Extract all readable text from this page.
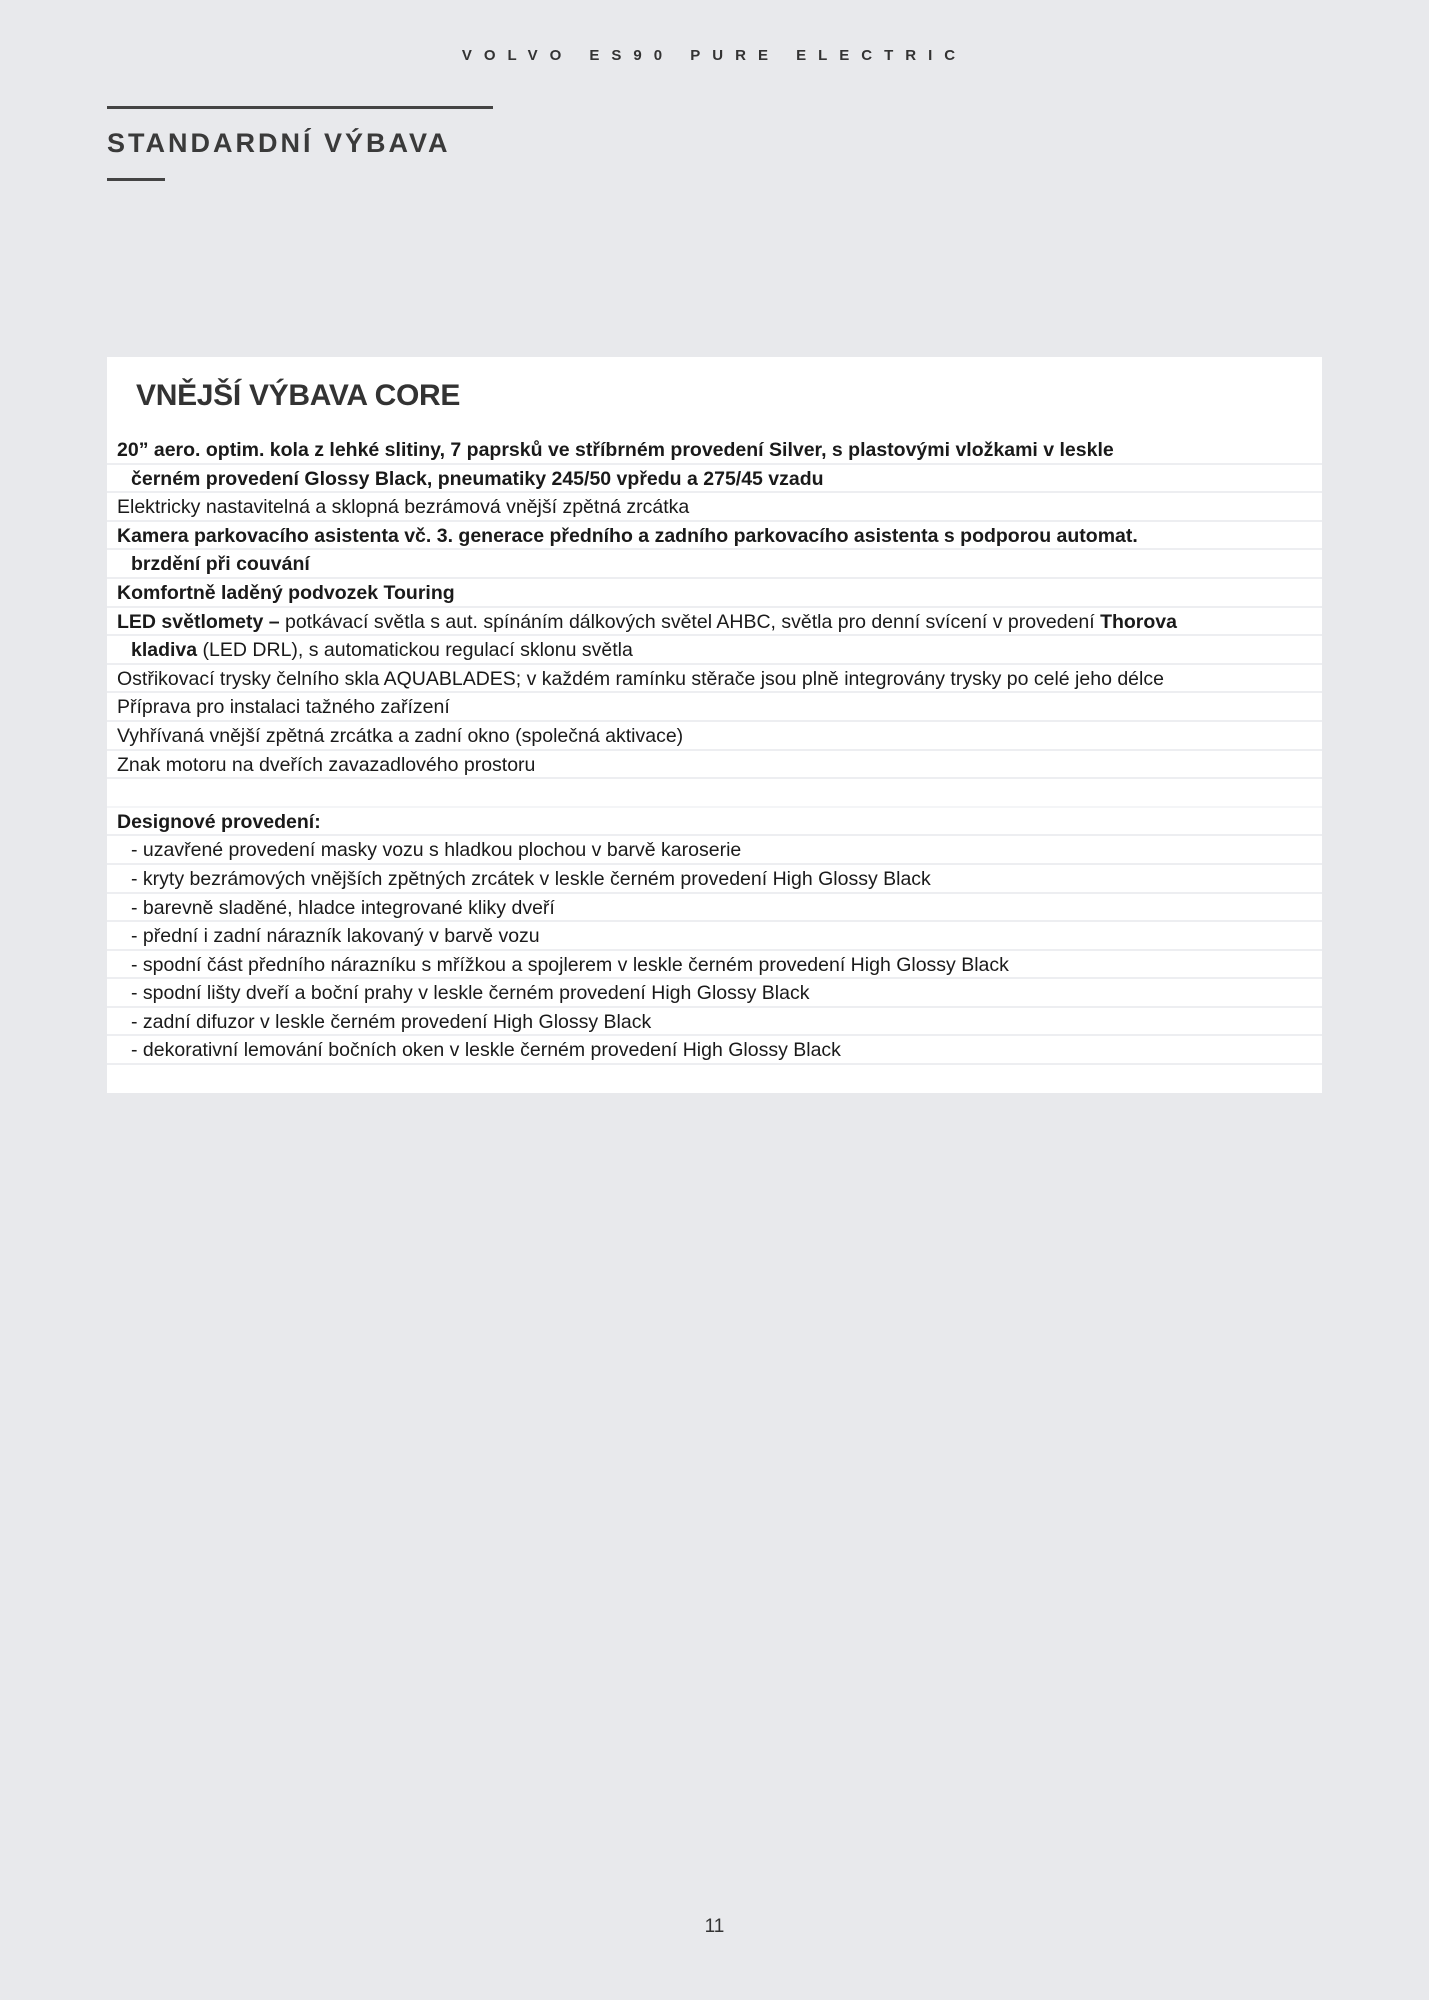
VOLVO ES90 PURE ELECTRIC
STANDARDNÍ VÝBAVA
VNĚJŠÍ VÝBAVA CORE
20” aero. optim. kola z lehké slitiny, 7 paprsků ve stříbrném provedení Silver, s plastovými vložkami v leskle
černém provedení Glossy Black, pneumatiky 245/50 vpředu a 275/45 vzadu
Elektricky nastavitelná a sklopná bezrámová vnější zpětná zrcátka
Kamera parkovacího asistenta vč. 3. generace předního a zadního parkovacího asistenta s podporou automat.
brzdění při couvání
Komfortně laděný podvozek Touring
LED světlomety – potkávací světla s aut. spínáním dálkových světel AHBC, světla pro denní svícení v provedení Thorova
kladiva (LED DRL), s automatickou regulací sklonu světla
Ostřikovací trysky čelního skla AQUABLADES; v každém ramínku stěrače jsou plně integrovány trysky po celé jeho délce
Příprava pro instalaci tažného zařízení
Vyhřívaná vnější zpětná zrcátka a zadní okno (společná aktivace)
Znak motoru na dveřích zavazadlového prostoru
Designové provedení:
- uzavřené provedení masky vozu s hladkou plochou v barvě karoserie
- kryty bezrámových vnějších zpětných zrcátek v leskle černém provedení High Glossy Black
- barevně sladěné, hladce integrované kliky dveří
- přední i zadní nárazník lakovaný v barvě vozu
- spodní část předního nárazníku s mřížkou a spojlerem v leskle černém provedení High Glossy Black
- spodní lišty dveří a boční prahy v leskle černém provedení High Glossy Black
- zadní difuzor v leskle černém provedení High Glossy Black
- dekorativní lemování bočních oken v leskle černém provedení High Glossy Black
11
